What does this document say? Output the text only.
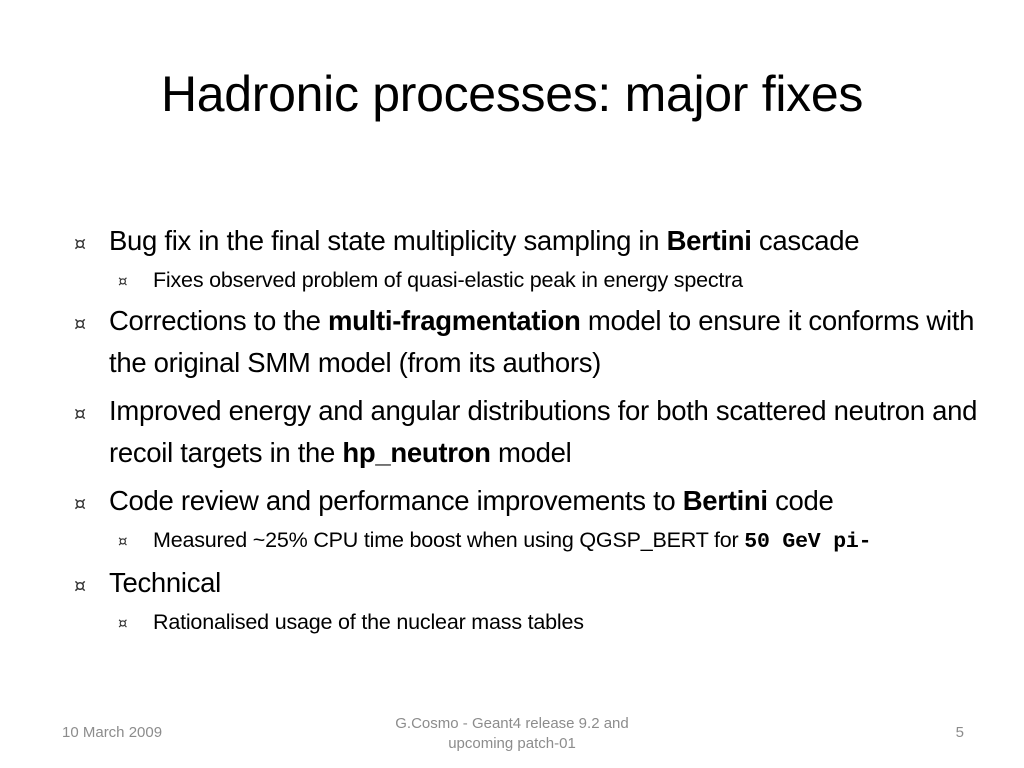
Hadronic processes: major fixes
¤ Bug fix in the final state multiplicity sampling in Bertini cascade
¤ Fixes observed problem of quasi-elastic peak in energy spectra
¤ Corrections to the multi-fragmentation model to ensure it conforms with the original SMM model (from its authors)
¤ Improved energy and angular distributions for both scattered neutron and recoil targets in the hp_neutron model
¤ Code review and performance improvements to Bertini code
¤ Measured ~25% CPU time boost when using QGSP_BERT for 50 GeV pi-
¤ Technical
¤ Rationalised usage of the nuclear mass tables
10 March 2009
G.Cosmo - Geant4 release 9.2 and
upcoming patch-01
5
